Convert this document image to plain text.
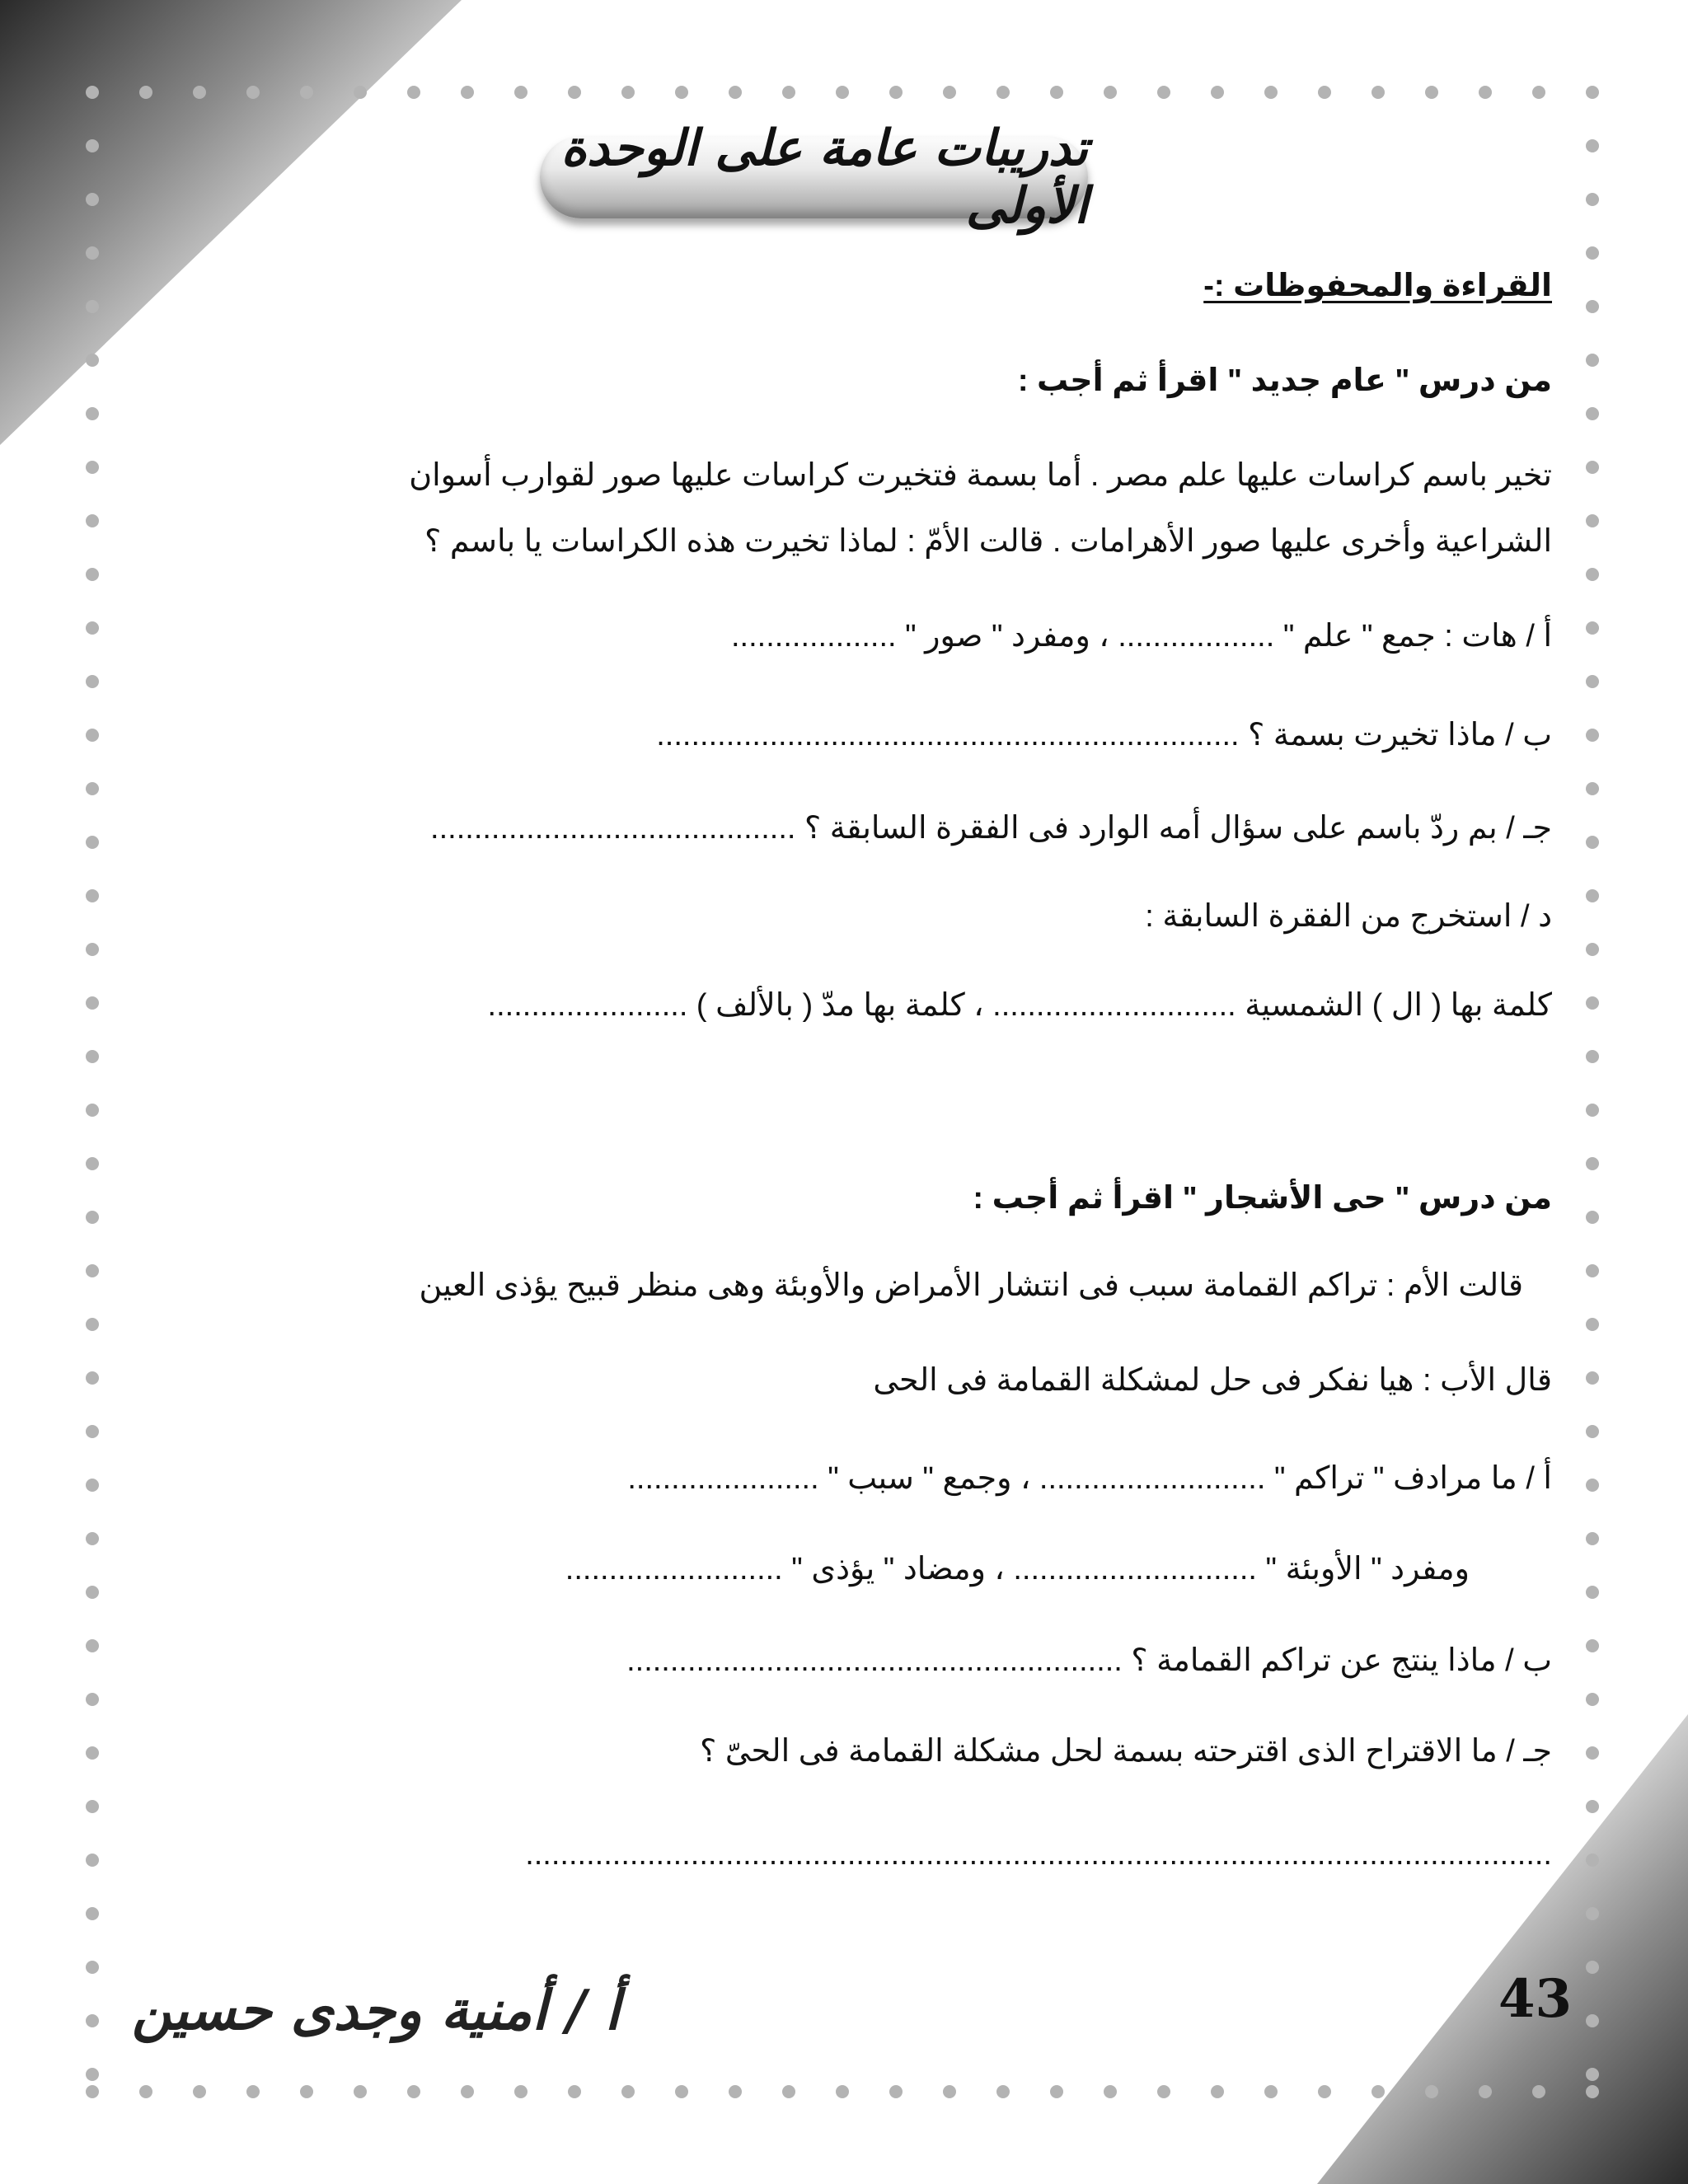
تدريبات عامة على الوحدة الأولى
القراءة والمحفوظات :-
من درس " عام جديد " اقرأ ثم أجب :
تخير باسم كراسات عليها علم مصر . أما بسمة فتخيرت كراسات عليها صور لقوارب أسوان
الشراعية وأخرى عليها صور الأهرامات . قالت الأمّ : لماذا تخيرت هذه الكراسات يا باسم ؟
أ / هات : جمع " علم " .................. ، ومفرد " صور " ...................
ب / ماذا تخيرت بسمة ؟ ...................................................................
جـ / بم ردّ باسم على سؤال أمه الوارد فى الفقرة السابقة ؟ ..........................................
د / استخرج من الفقرة السابقة :
كلمة بها ( ال ) الشمسية ............................ ، كلمة بها مدّ ( بالألف ) .......................
من درس " حى الأشجار " اقرأ ثم أجب :
قالت الأم : تراكم القمامة سبب فى انتشار الأمراض والأوبئة وهى منظر قبيح يؤذى العين
قال الأب : هيا نفكر فى حل لمشكلة القمامة فى الحى
أ / ما مرادف " تراكم " .......................... ، وجمع " سبب " ......................
ومفرد " الأوبئة " ............................ ، ومضاد " يؤذى " .........................
ب / ماذا ينتج عن تراكم القمامة ؟ .........................................................
جـ / ما الاقتراح الذى اقترحته بسمة لحل مشكلة القمامة فى الحىّ ؟
......................................................................................................................
أ / أمنية وجدى حسين	43
